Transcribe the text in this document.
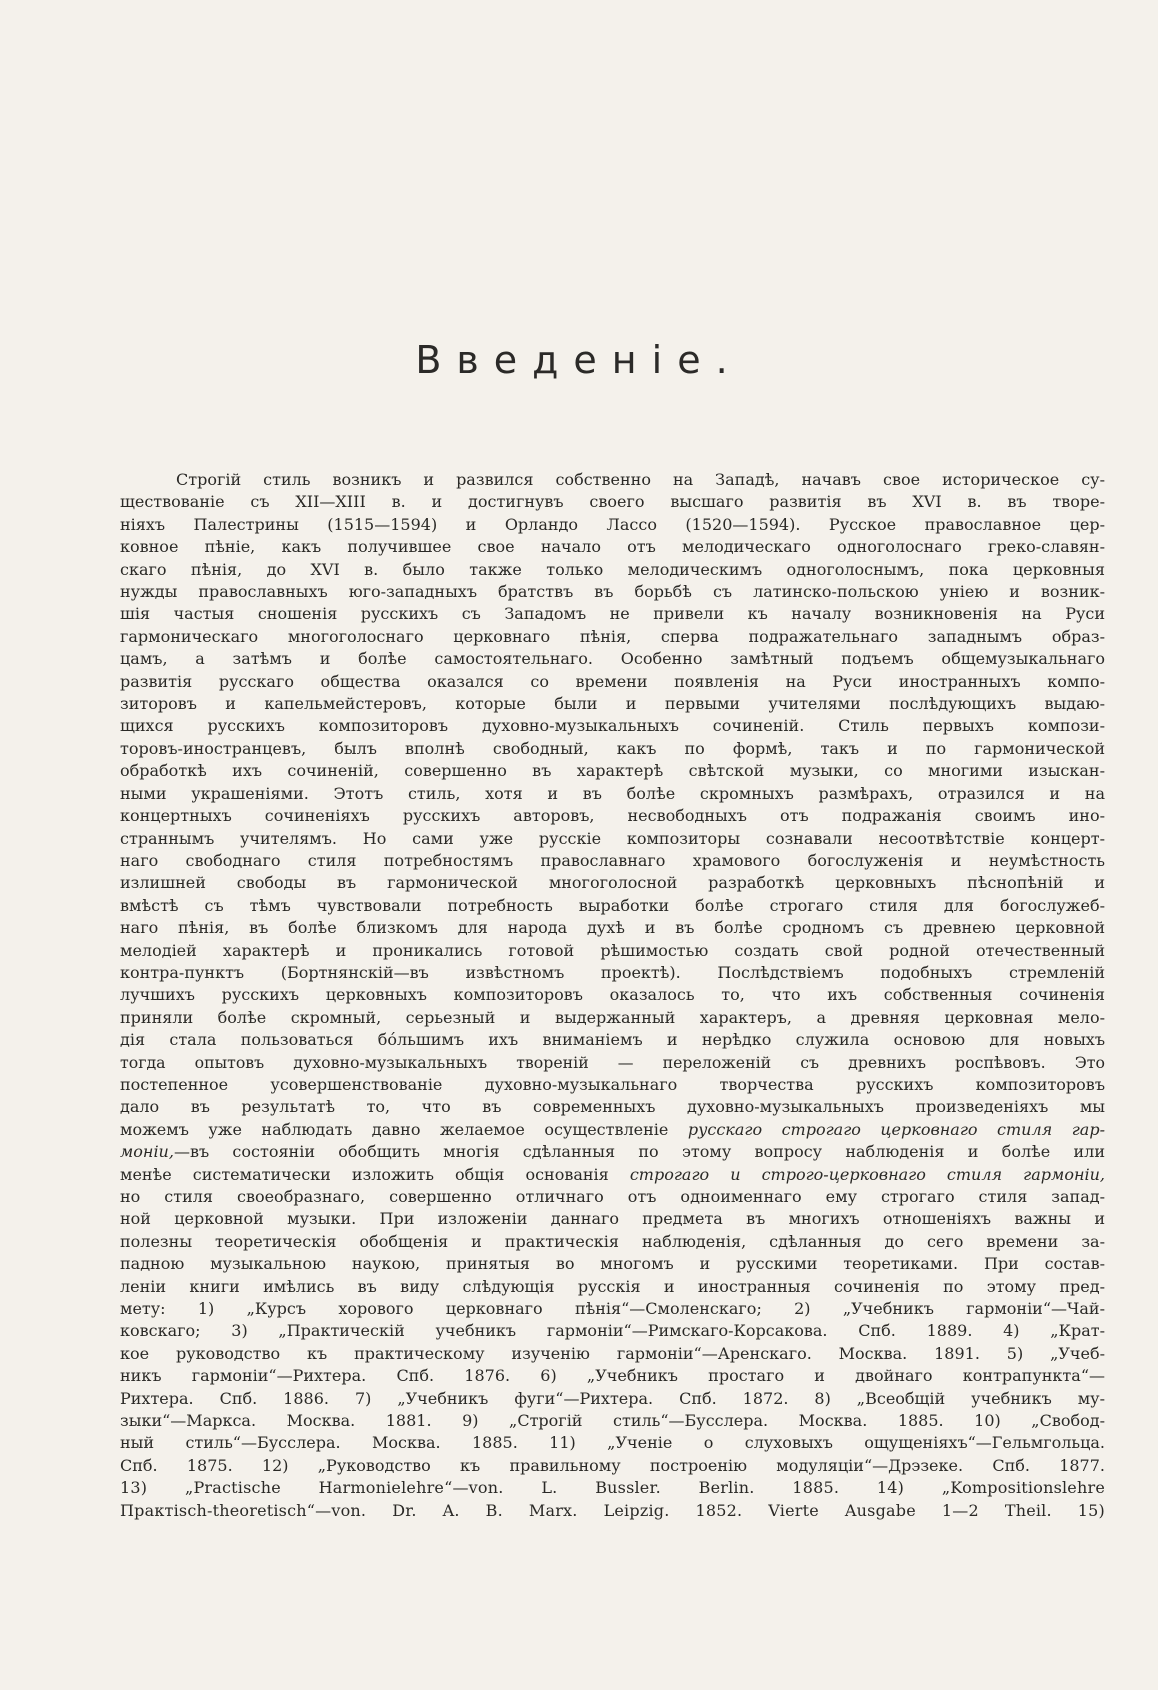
Введенiе.
Строгiй стиль возникъ и развился собственно на Западѣ, начавъ свое историческое су-
ществованiе съ XII—XIII в. и достигнувъ своего высшаго развитiя въ XVI в. въ творе-
нiяхъ Палестрины (1515—1594) и Орландо Лассо (1520—1594). Русское православное цер-
ковное пѣнiе, какъ получившее свое начало отъ мелодическаго одноголоснаго греко-славян-
скаго пѣнiя, до XVI в. было также только мелодическимъ одноголоснымъ, пока церковныя
нужды православныхъ юго-западныхъ братствъ въ борьбѣ съ латинско-польскою унiею и возник-
шiя частыя сношенiя русскихъ съ Западомъ не привели къ началу возникновенiя на Руси
гармоническаго многоголоснаго церковнаго пѣнiя, сперва подражательнаго западнымъ образ-
цамъ, а затѣмъ и болѣе самостоятельнаго. Особенно замѣтный подъемъ общемузыкальнаго
развитiя русскаго общества оказался со времени появленiя на Руси иностранныхъ компо-
зиторовъ и капельмейстеровъ, которые были и первыми учителями послѣдующихъ выдаю-
щихся русскихъ композиторовъ духовно-музыкальныхъ сочиненiй. Стиль первыхъ компози-
торовъ-иностранцевъ, былъ вполнѣ свободный, какъ по формѣ, такъ и по гармонической
обработкѣ ихъ сочиненiй, совершенно въ характерѣ свѣтской музыки, со многими изыскан-
ными украшенiями. Этотъ стиль, хотя и въ болѣе скромныхъ размѣрахъ, отразился и на
концертныхъ сочиненiяхъ русскихъ авторовъ, несвободныхъ отъ подражанiя своимъ ино-
страннымъ учителямъ. Но сами уже русскiе композиторы сознавали несоотвѣтствiе концерт-
наго свободнаго стиля потребностямъ православнаго храмового богослуженiя и неумѣстность
излишней свободы въ гармонической многоголосной разработкѣ церковныхъ пѣснопѣнiй и
вмѣстѣ съ тѣмъ чувствовали потребность выработки болѣе строгаго стиля для богослужеб-
наго пѣнiя, въ болѣе близкомъ для народа духѣ и въ болѣе сродномъ съ древнею церковной
мелодiей характерѣ и проникались готовой рѣшимостью создать свой родной отечественный
контра-пунктъ (Бортнянскiй—въ извѣстномъ проектѣ). Послѣдствiемъ подобныхъ стремленiй
лучшихъ русскихъ церковныхъ композиторовъ оказалось то, что ихъ собственныя сочиненiя
приняли болѣе скромный, серьезный и выдержанный характеръ, а древняя церковная мело-
дiя стала пользоваться бóльшимъ ихъ вниманiемъ и нерѣдко служила основою для новыхъ
тогда опытовъ духовно-музыкальныхъ творенiй — переложенiй съ древнихъ роспѣвовъ. Это
постепенное усовершенствованiе духовно-музыкальнаго творчества русскихъ композиторовъ
дало въ результатѣ то, что въ современныхъ духовно-музыкальныхъ произведенiяхъ мы
можемъ уже наблюдать давно желаемое осуществленiе русскаго строгаго церковнаго стиля гар-
монiи,—въ состоянiи обобщить многiя сдѣланныя по этому вопросу наблюденiя и болѣе или
менѣе систематически изложить общiя основанiя строгаго и строго-церковнаго стиля гармонiи,
но стиля своеобразнаго, совершенно отличнаго отъ одноименнаго ему строгаго стиля запад-
ной церковной музыки. При изложенiи даннаго предмета въ многихъ отношенiяхъ важны и
полезны теоретическiя обобщенiя и практическiя наблюденiя, сдѣланныя до сего времени за-
падною музыкальною наукою, принятыя во многомъ и русскими теоретиками. При состав-
ленiи книги имѣлись въ виду слѣдующiя русскiя и иностранныя сочиненiя по этому пред-
мету: 1) „Курсъ хорового церковнаго пѣнiя“—Смоленскаго; 2) „Учебникъ гармонiи“—Чай-
ковскаго; 3) „Практическiй учебникъ гармонiи“—Римскаго-Корсакова. Спб. 1889. 4) „Крат-
кое руководство къ практическому изученiю гармонiи“—Аренскаго. Москва. 1891. 5) „Учеб-
никъ гармонiи“—Рихтера. Спб. 1876. 6) „Учебникъ простаго и двойнаго контрапункта“—
Рихтера. Спб. 1886. 7) „Учебникъ фуги“—Рихтера. Спб. 1872. 8) „Всеобщiй учебникъ му-
зыки“—Маркса. Москва. 1881. 9) „Строгiй стиль“—Бусслера. Москва. 1885. 10) „Свобод-
ный стиль“—Бусслера. Москва. 1885. 11) „Ученiе о слуховыхъ ощущенiяхъ“—Гельмгольца.
Спб. 1875. 12) „Руководство къ правильному построенiю модуляцiи“—Дрэзеке. Спб. 1877.
13) „Practische Harmonielehre“—von. L. Bussler. Berlin. 1885. 14) „Kompositionslehre
Практisch-theoretisch“—von. Dr. A. B. Marx. Leipzig. 1852. Vierte Ausgabe 1—2 Theil. 15)
